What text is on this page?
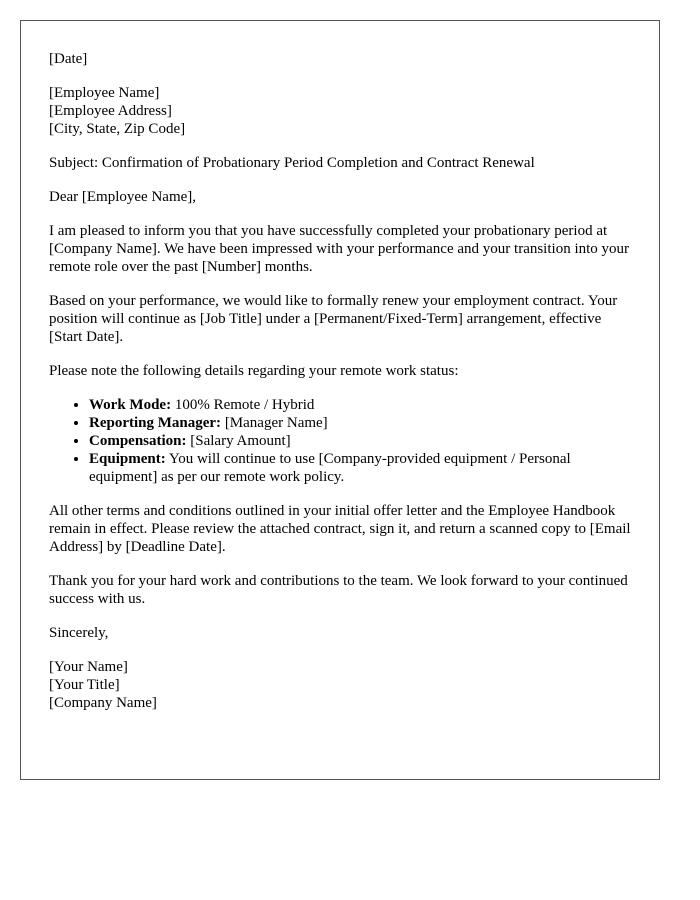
[Date]

[Employee Name]
[Employee Address]
[City, State, Zip Code]

Subject: Confirmation of Probationary Period Completion and Contract Renewal

Dear [Employee Name],

I am pleased to inform you that you have successfully completed your probationary period at [Company Name]. We have been impressed with your performance and your transition into your remote role over the past [Number] months.

Based on your performance, we would like to formally renew your employment contract. Your position will continue as [Job Title] under a [Permanent/Fixed-Term] arrangement, effective [Start Date].

Please note the following details regarding your remote work status:

• Work Mode: 100% Remote / Hybrid
• Reporting Manager: [Manager Name]
• Compensation: [Salary Amount]
• Equipment: You will continue to use [Company-provided equipment / Personal equipment] as per our remote work policy.

All other terms and conditions outlined in your initial offer letter and the Employee Handbook remain in effect. Please review the attached contract, sign it, and return a scanned copy to [Email Address] by [Deadline Date].

Thank you for your hard work and contributions to the team. We look forward to your continued success with us.

Sincerely,

[Your Name]
[Your Title]
[Company Name]
